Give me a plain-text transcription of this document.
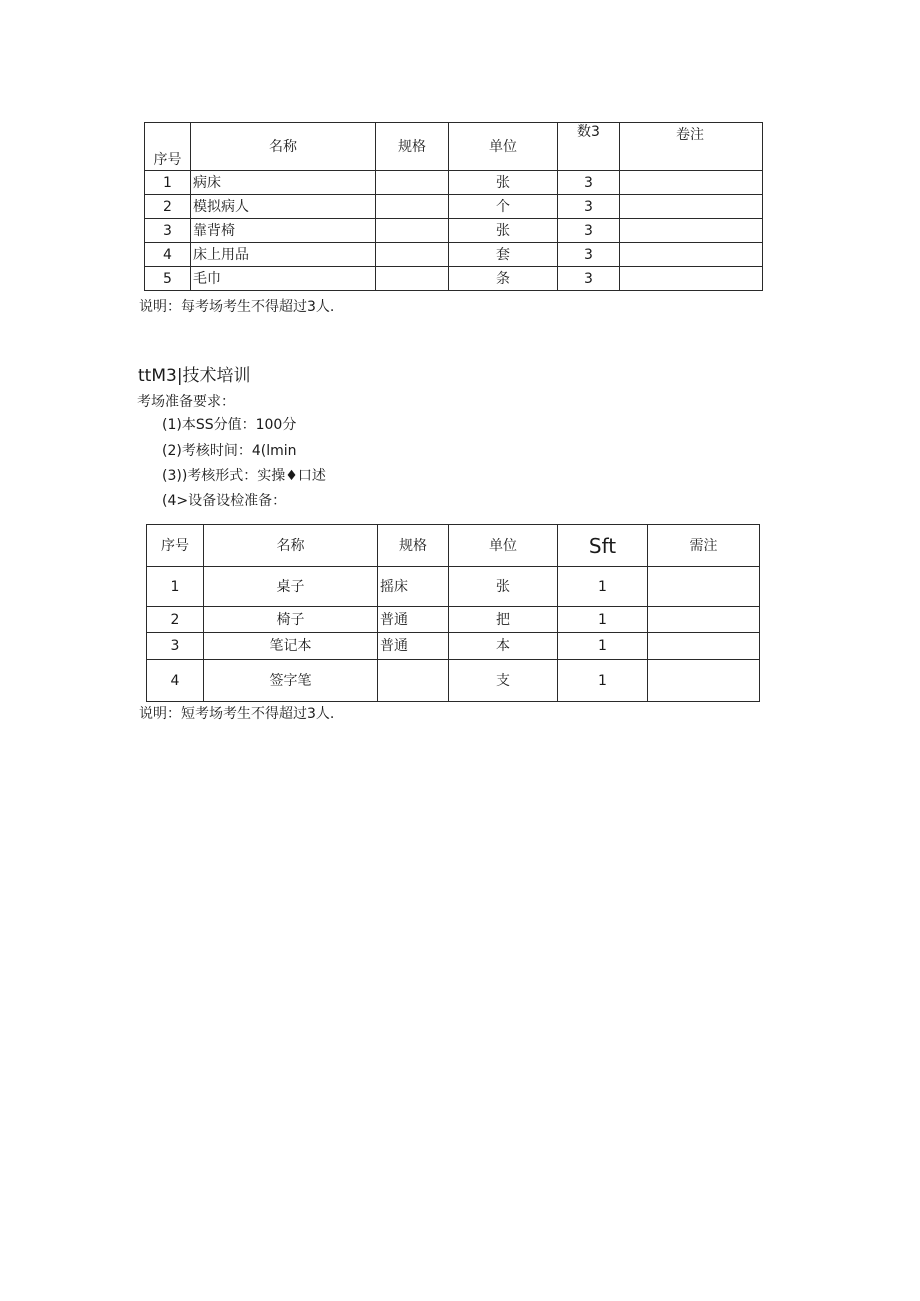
序号	名称	规格	单位	数3	卷注
1	病床		张	3	
2	模拟病人		个	3	
3	靠背椅		张	3	
4	床上用品		套	3	
5	毛巾		条	3	
说明：每考场考生不得超过3人.
ttM3|技术培训
考场准备要求：
(1)本SS分值：100分
(2)考核时间：4(lmin
(3))考核形式：实操♦口述
(4>设备设检准备：
序号	名称	规格	单位	Sft	需注
1	桌子	摇床	张	1	
2	椅子	普通	把	1	
3	笔记本	普通	本	1	
4	签字笔		支	1	
说明：短考场考生不得超过3人.
